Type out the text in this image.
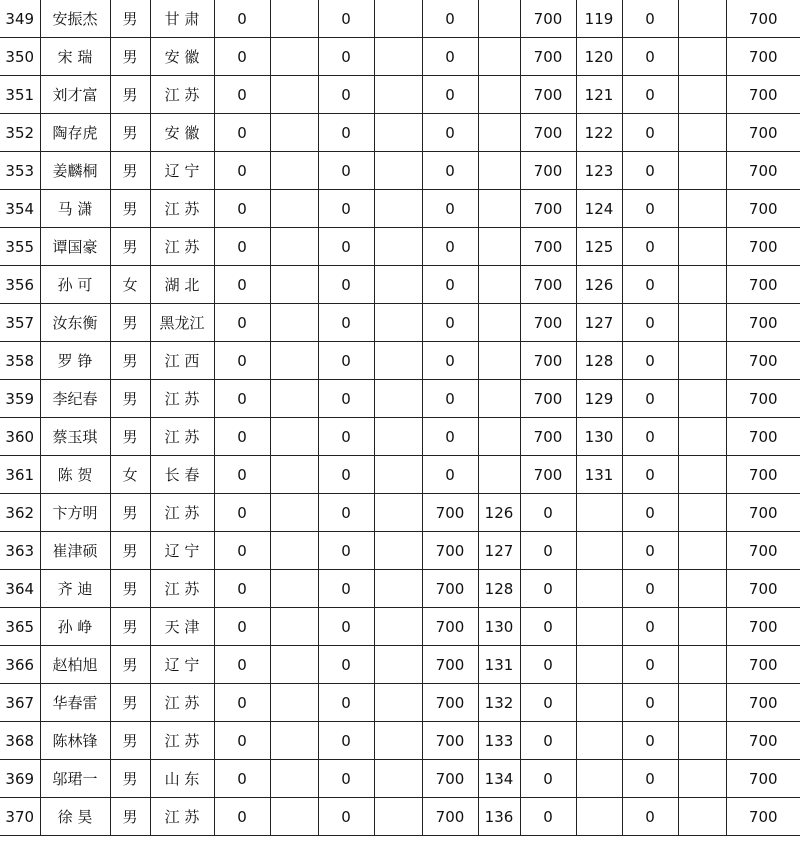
349	安振杰	男	甘 肃	0		0		0		700	119	0		700
350	宋 瑞	男	安 徽	0		0		0		700	120	0		700
351	刘才富	男	江 苏	0		0		0		700	121	0		700
352	陶存虎	男	安 徽	0		0		0		700	122	0		700
353	姜麟桐	男	辽 宁	0		0		0		700	123	0		700
354	马 潇	男	江 苏	0		0		0		700	124	0		700
355	谭国豪	男	江 苏	0		0		0		700	125	0		700
356	孙 可	女	湖 北	0		0		0		700	126	0		700
357	汝东衡	男	黑龙江	0		0		0		700	127	0		700
358	罗 铮	男	江 西	0		0		0		700	128	0		700
359	李纪春	男	江 苏	0		0		0		700	129	0		700
360	蔡玉琪	男	江 苏	0		0		0		700	130	0		700
361	陈 贺	女	长 春	0		0		0		700	131	0		700
362	卞方明	男	江 苏	0		0		700	126	0		0		700
363	崔津硕	男	辽 宁	0		0		700	127	0		0		700
364	齐 迪	男	江 苏	0		0		700	128	0		0		700
365	孙 峥	男	天 津	0		0		700	130	0		0		700
366	赵柏旭	男	辽 宁	0		0		700	131	0		0		700
367	华春雷	男	江 苏	0		0		700	132	0		0		700
368	陈林锋	男	江 苏	0		0		700	133	0		0		700
369	邬珺一	男	山 东	0		0		700	134	0		0		700
370	徐 昊	男	江 苏	0		0		700	136	0		0		700
